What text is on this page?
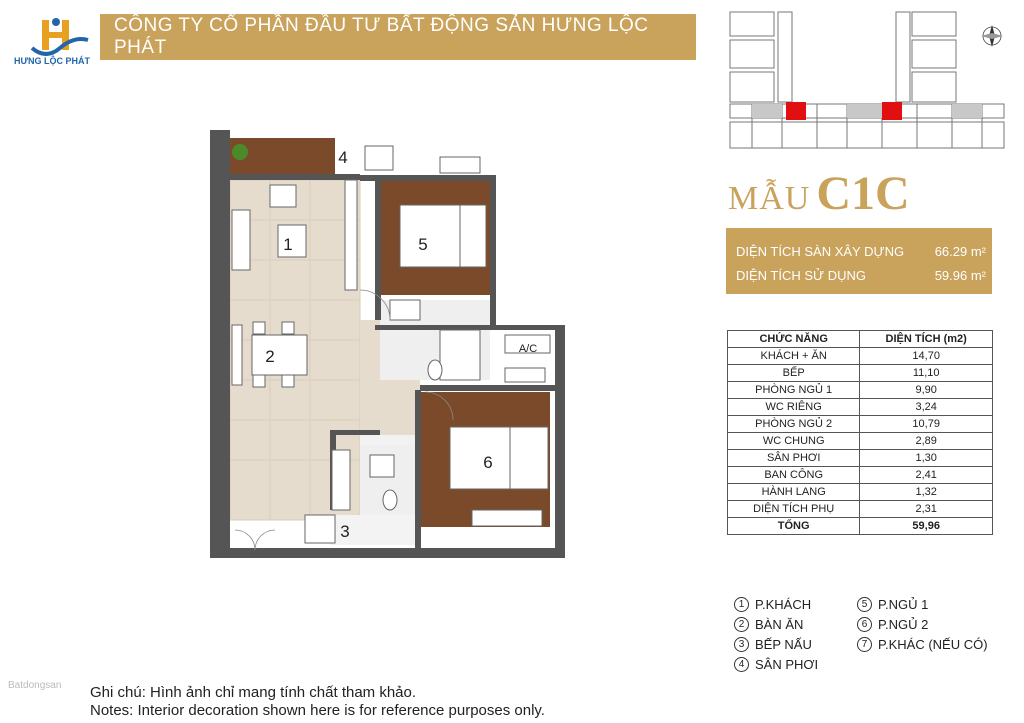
HƯNG LỘC PHÁT
CÔNG TY CỔ PHẦN ĐẦU TƯ BẤT ĐỘNG SẢN HƯNG LỘC PHÁT
MẪU C1C
DIỆN TÍCH SÀN XÂY DỰNG 66.29 m²
DIỆN TÍCH SỬ DỤNG	59.96 m²
CHỨC NĂNG	DIỆN TÍCH (m2)
KHÁCH + ĂN	14,70
BẾP	11,10
PHÒNG NGỦ 1	9,90
WC RIÊNG	3,24
PHÒNG NGỦ 2	10,79
WC CHUNG	2,89
SÂN PHƠI	1,30
BAN CÔNG	2,41
HÀNH LANG	1,32
DIỆN TÍCH PHỤ	2,31
TỔNG	59,96
1 P.KHÁCH
2 BÀN ĂN
3 BẾP NẤU
4 SÂN PHƠI
5 P.NGỦ 1
6 P.NGỦ 2
7 P.KHÁC (NẾU CÓ)
1
2
3
4
5
6
A/C
Batdongsan Ghi chú: Hình ảnh chỉ mang tính chất tham khảo.
Notes: Interior decoration shown here is for reference purposes only.
